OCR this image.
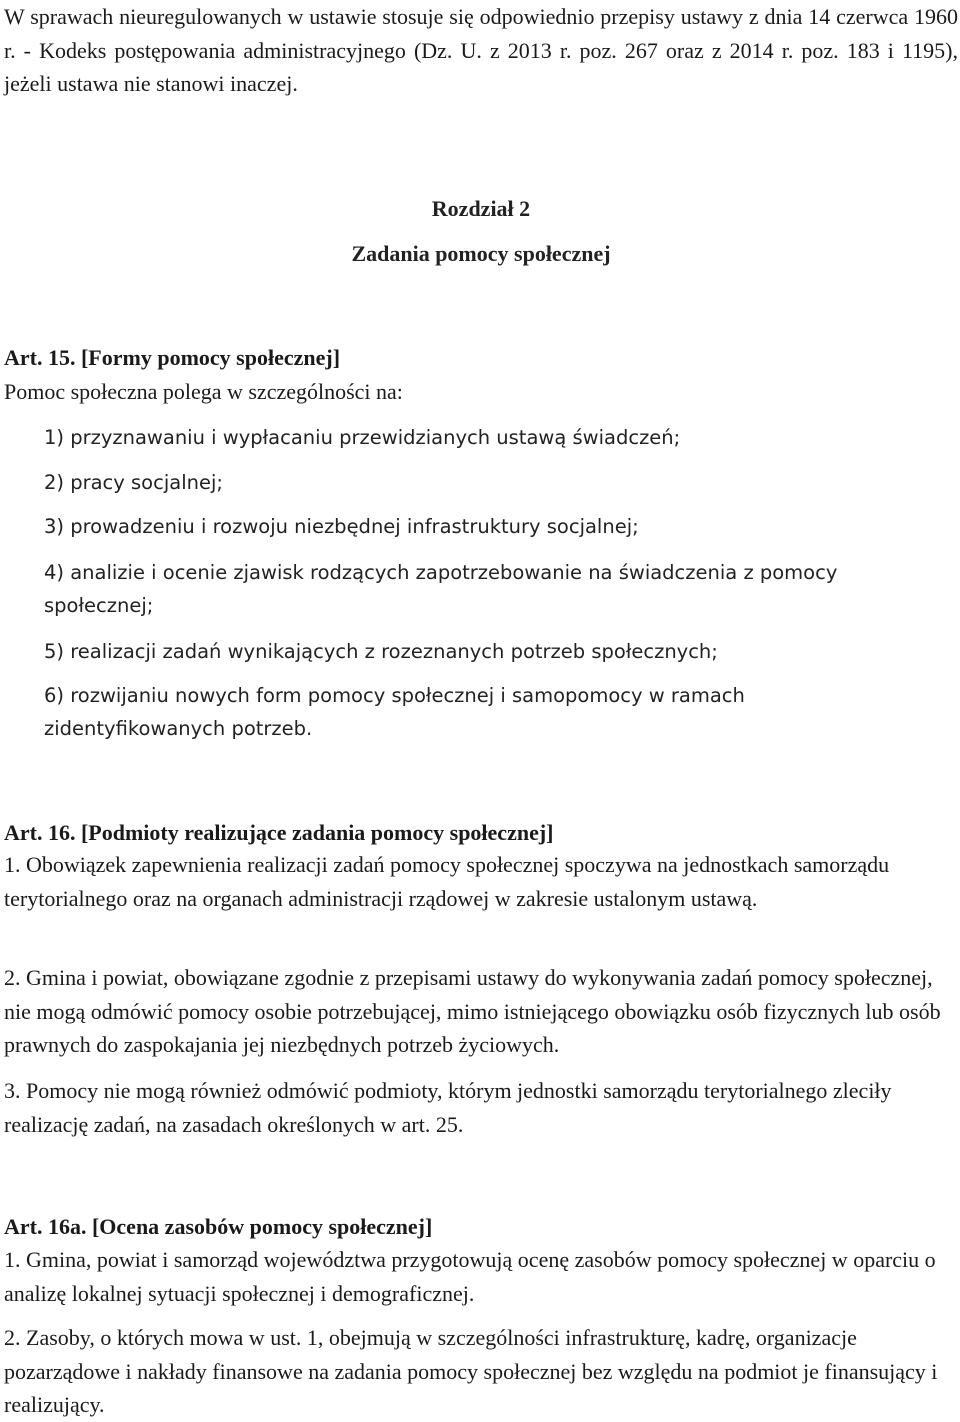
W sprawach nieuregulowanych w ustawie stosuje się odpowiednio przepisy ustawy z dnia 14 czerwca 1960 r. - Kodeks postępowania administracyjnego (Dz. U. z 2013 r. poz. 267 oraz z 2014 r. poz. 183 i 1195), jeżeli ustawa nie stanowi inaczej.

Rozdział 2
Zadania pomocy społecznej

Art. 15. [Formy pomocy społecznej]

Pomoc społeczna polega w szczególności na:

1) przyznawaniu i wypłacaniu przewidzianych ustawą świadczeń;
2) pracy socjalnej;
3) prowadzeniu i rozwoju niezbędnej infrastruktury socjalnej;
4) analizie i ocenie zjawisk rodzących zapotrzebowanie na świadczenia z pomocy społecznej;
5) realizacji zadań wynikających z rozeznanych potrzeb społecznych;
6) rozwijaniu nowych form pomocy społecznej i samopomocy w ramach zidentyfikowanych potrzeb.

Art. 16. [Podmioty realizujące zadania pomocy społecznej]

1. Obowiązek zapewnienia realizacji zadań pomocy społecznej spoczywa na jednostkach samorządu terytorialnego oraz na organach administracji rządowej w zakresie ustalonym ustawą.

2. Gmina i powiat, obowiązane zgodnie z przepisami ustawy do wykonywania zadań pomocy społecznej, nie mogą odmówić pomocy osobie potrzebującej, mimo istniejącego obowiązku osób fizycznych lub osób prawnych do zaspokajania jej niezbędnych potrzeb życiowych.

3. Pomocy nie mogą również odmówić podmioty, którym jednostki samorządu terytorialnego zleciły realizację zadań, na zasadach określonych w art. 25.

Art. 16a. [Ocena zasobów pomocy społecznej]

1. Gmina, powiat i samorząd województwa przygotowują ocenę zasobów pomocy społecznej w oparciu o analizę lokalnej sytuacji społecznej i demograficznej.

2. Zasoby, o których mowa w ust. 1, obejmują w szczególności infrastrukturę, kadrę, organizacje pozarządowe i nakłady finansowe na zadania pomocy społecznej bez względu na podmiot je finansujący i realizujący.
